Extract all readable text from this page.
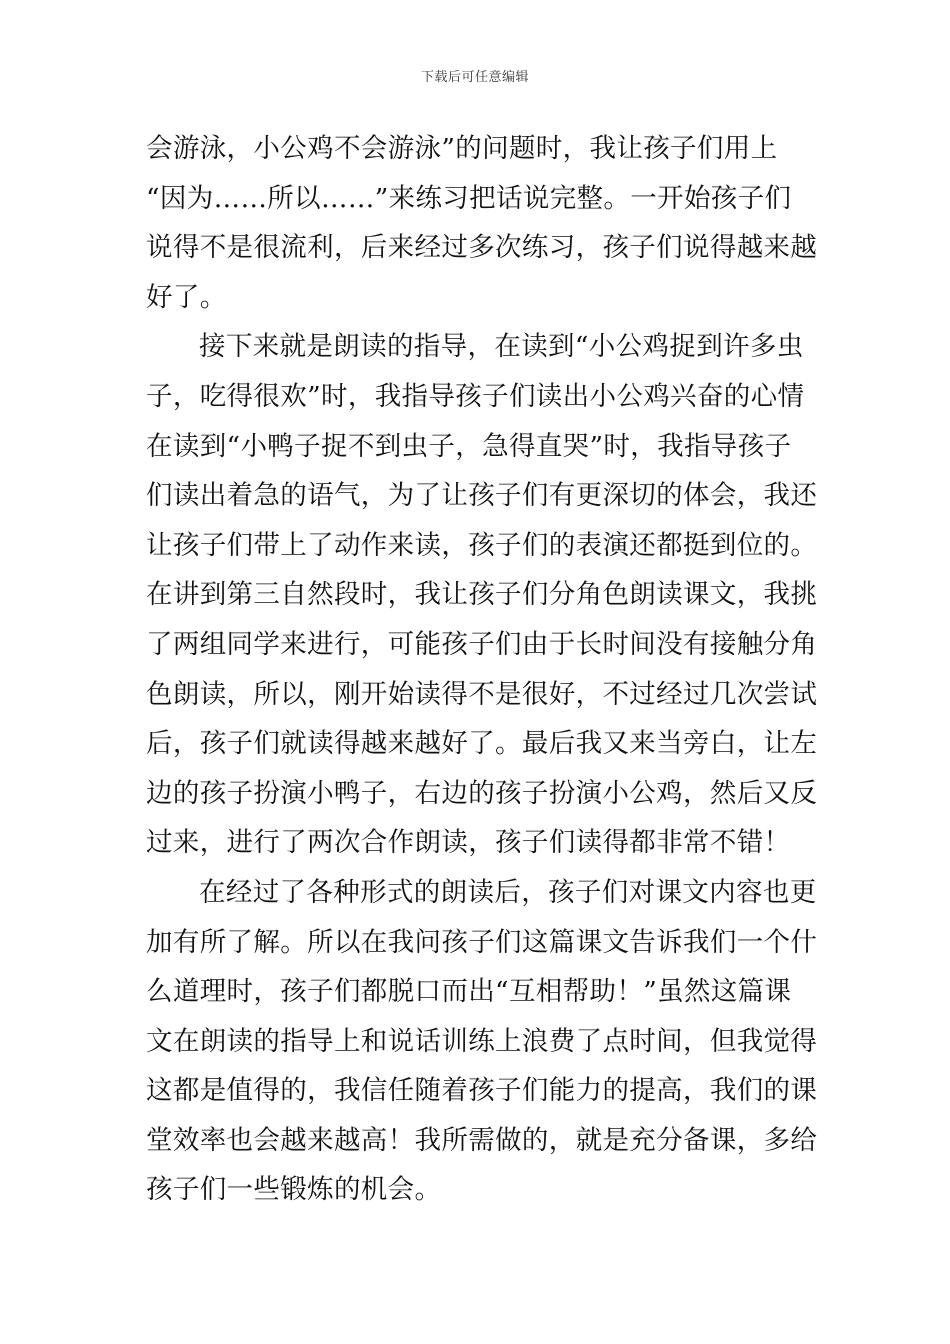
下载后可任意编辑
会游泳，小公鸡不会游泳”的问题时，我让孩子们用上
“因为……所以……”来练习把话说完整。一开始孩子们
说得不是很流利，后来经过多次练习，孩子们说得越来越
好了。
接下来就是朗读的指导，在读到“小公鸡捉到许多虫
子，吃得很欢”时，我指导孩子们读出小公鸡兴奋的心情
在读到“小鸭子捉不到虫子，急得直哭”时，我指导孩子
们读出着急的语气，为了让孩子们有更深切的体会，我还
让孩子们带上了动作来读，孩子们的表演还都挺到位的。
在讲到第三自然段时，我让孩子们分角色朗读课文，我挑
了两组同学来进行，可能孩子们由于长时间没有接触分角
色朗读，所以，刚开始读得不是很好，不过经过几次尝试
后，孩子们就读得越来越好了。最后我又来当旁白，让左
边的孩子扮演小鸭子，右边的孩子扮演小公鸡，然后又反
过来，进行了两次合作朗读，孩子们读得都非常不错！
在经过了各种形式的朗读后，孩子们对课文内容也更
加有所了解。所以在我问孩子们这篇课文告诉我们一个什
么道理时，孩子们都脱口而出“互相帮助！”虽然这篇课
文在朗读的指导上和说话训练上浪费了点时间，但我觉得
这都是值得的，我信任随着孩子们能力的提高，我们的课
堂效率也会越来越高！我所需做的，就是充分备课，多给
孩子们一些锻炼的机会。
